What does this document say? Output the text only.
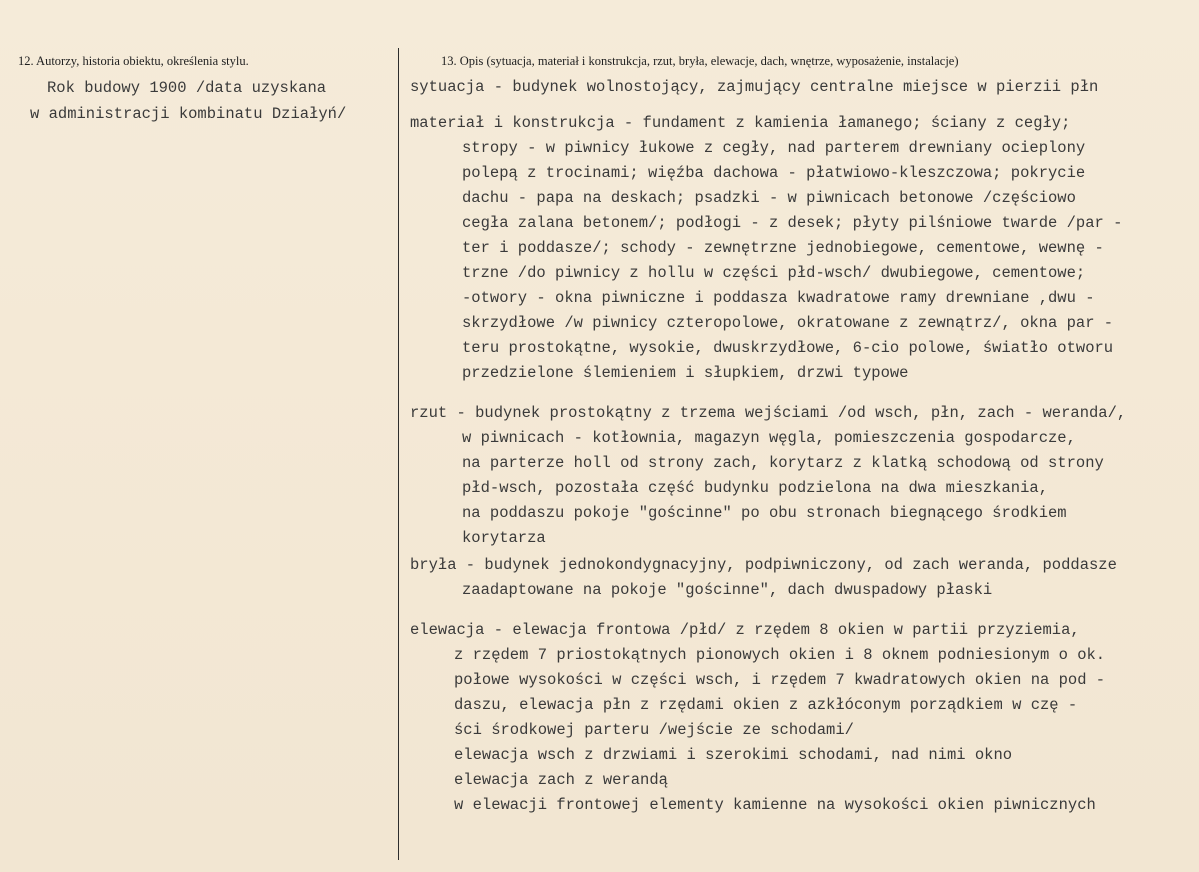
12. Autorzy, historia obiektu, określenia stylu.	13. Opis (sytuacja, materiał i konstrukcja, rzut, bryła, elewacje, dach, wnętrze, wyposażenie, instalacje)
Rok budowy 1900 /data uzyskana
w administracji kombinatu Działyń/
sytuacja - budynek wolnostojący, zajmujący centralne miejsce w pierzii płn
materiał i konstrukcja - fundament z kamienia łamanego; ściany z cegły;
stropy - w piwnicy łukowe z cegły, nad parterem drewniany ocieplony
polepą z trocinami; więźba dachowa - płatwiowo-kleszczowa; pokrycie
dachu - papa na deskach; psadzki - w piwnicach betonowe /częściowo
cegła zalana betonem/; podłogi - z desek; płyty pilśniowe twarde /par -
ter i poddasze/; schody - zewnętrzne jednobiegowe, cementowe, wewnę -
trzne /do piwnicy z hollu w części płd-wsch/ dwubiegowe, cementowe;
-otwory - okna piwniczne i poddasza kwadratowe ramy drewniane ,dwu -
skrzydłowe /w piwnicy czteropolowe, okratowane z zewnątrz/, okna par -
teru prostokątne, wysokie, dwuskrzydłowe, 6-cio polowe, światło otworu
przedzielone ślemieniem i słupkiem, drzwi typowe
rzut - budynek prostokątny z trzema wejściami /od wsch, płn, zach - weranda/,
w piwnicach - kotłownia, magazyn węgla, pomieszczenia gospodarcze,
na parterze holl od strony zach, korytarz z klatką schodową od strony
płd-wsch, pozostała część budynku podzielona na dwa mieszkania,
na poddaszu pokoje "gościnne" po obu stronach biegnącego środkiem
korytarza
bryła - budynek jednokondygnacyjny, podpiwniczony, od zach weranda, poddasze
zaadaptowane na pokoje "gościnne", dach dwuspadowy płaski
elewacja - elewacja frontowa /płd/ z rzędem 8 okien w partii przyziemia,
z rzędem 7 priostokątnych pionowych okien i 8 oknem podniesionym o ok.
połowe wysokości w części wsch, i rzędem 7 kwadratowych okien na pod -
daszu, elewacja płn z rzędami okien z azkłóconym porządkiem w czę -
ści środkowej parteru /wejście ze schodami/
elewacja wsch z drzwiami i szerokimi schodami, nad nimi okno
elewacja zach z werandą
w elewacji frontowej elementy kamienne na wysokości okien piwnicznych
